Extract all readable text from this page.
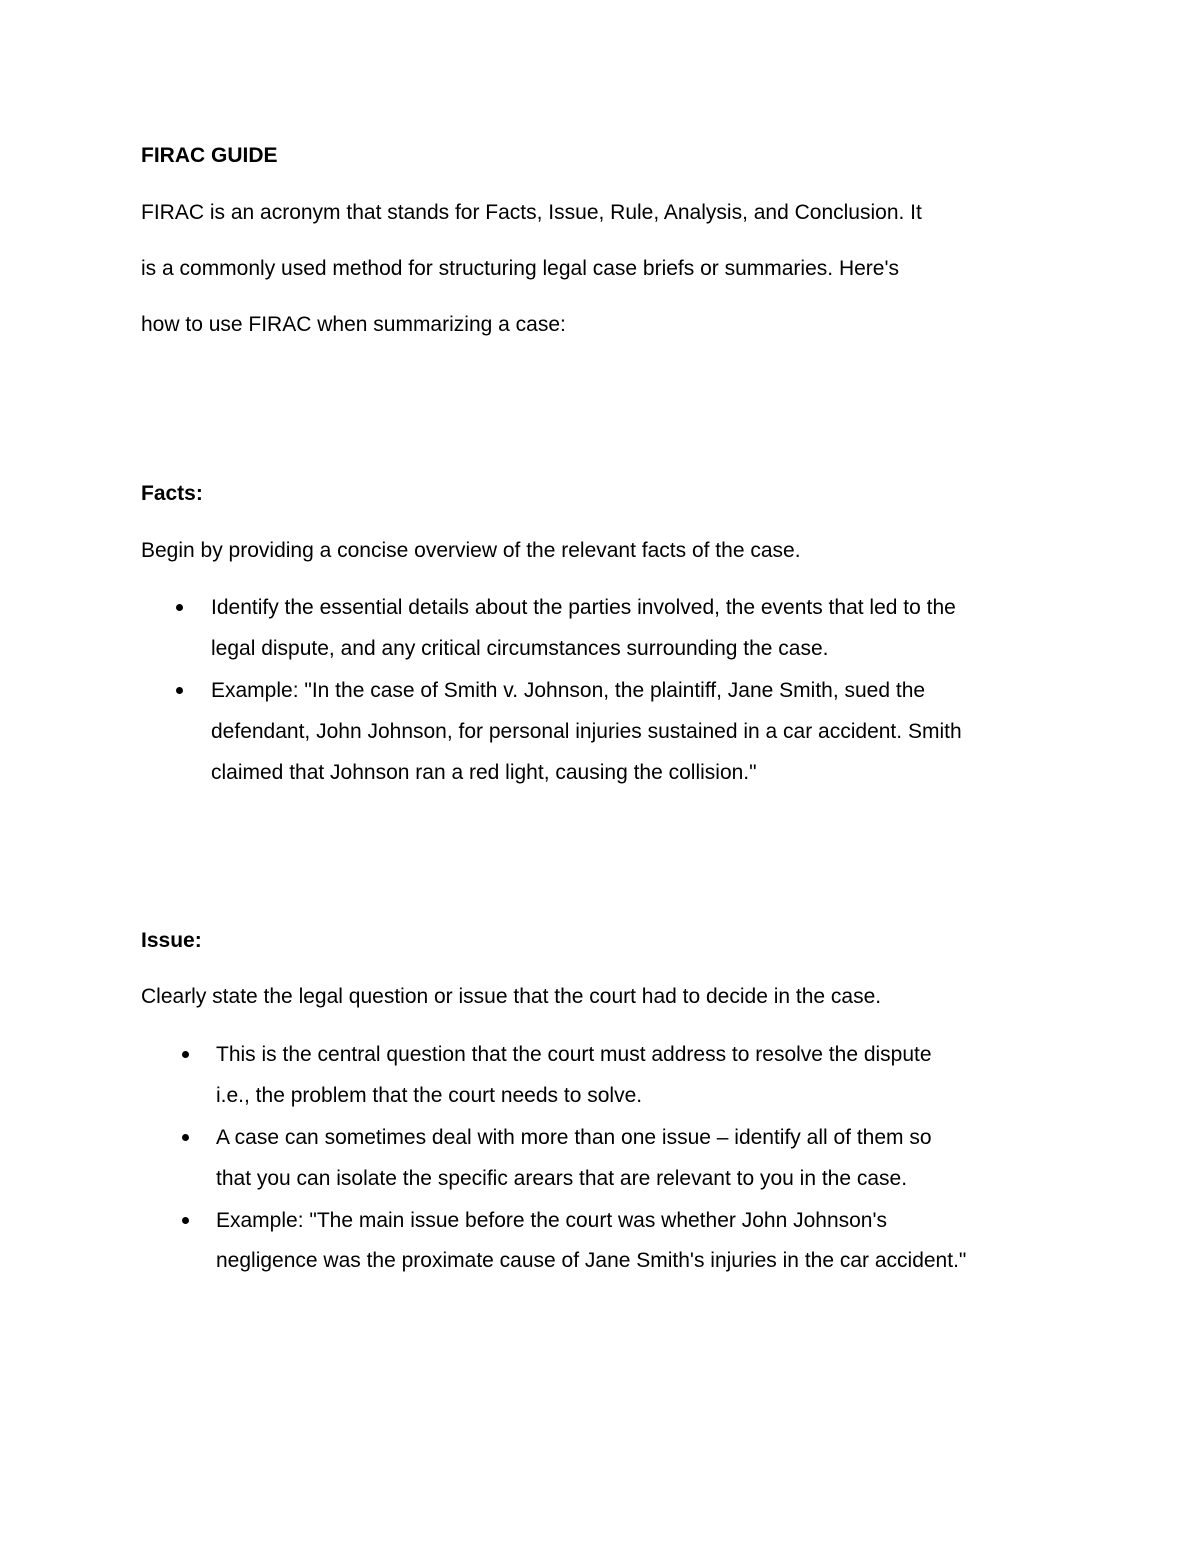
FIRAC GUIDE

FIRAC is an acronym that stands for Facts, Issue, Rule, Analysis, and Conclusion. It

is a commonly used method for structuring legal case briefs or summaries. Here's

how to use FIRAC when summarizing a case:

Facts:

Begin by providing a concise overview of the relevant facts of the case.

Identify the essential details about the parties involved, the events that led to the

legal dispute, and any critical circumstances surrounding the case.

Example: "In the case of Smith v. Johnson, the plaintiff, Jane Smith, sued the

defendant, John Johnson, for personal injuries sustained in a car accident. Smith

claimed that Johnson ran a red light, causing the collision."

Issue:

Clearly state the legal question or issue that the court had to decide in the case.

This is the central question that the court must address to resolve the dispute

i.e., the problem that the court needs to solve.

A case can sometimes deal with more than one issue – identify all of them so

that you can isolate the specific arears that are relevant to you in the case.

Example: "The main issue before the court was whether John Johnson's

negligence was the proximate cause of Jane Smith's injuries in the car accident."
